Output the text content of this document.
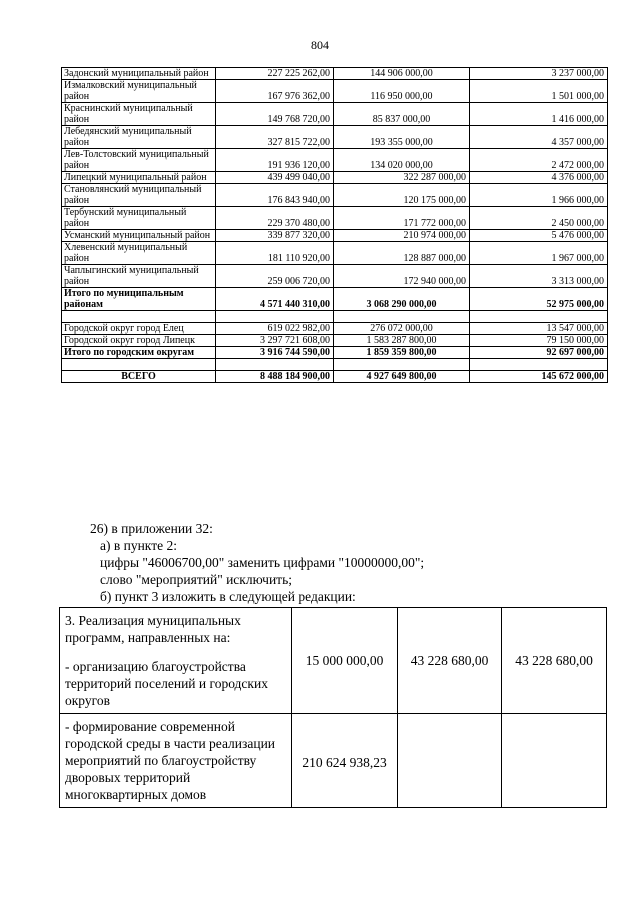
804
Задонский муниципальный район	227 225 262,00	144 906 000,00	3 237 000,00
Измалковский муниципальный район	167 976 362,00	116 950 000,00	1 501 000,00
Краснинский муниципальный район	149 768 720,00	85 837 000,00	1 416 000,00
Лебедянский муниципальный район	327 815 722,00	193 355 000,00	4 357 000,00
Лев-Толстовский муниципальный район	191 936 120,00	134 020 000,00	2 472 000,00
Липецкий муниципальный район	439 499 040,00	322 287 000,00	4 376 000,00
Становлянский муниципальный район	176 843 940,00	120 175 000,00	1 966 000,00
Тербунский муниципальный район	229 370 480,00	171 772 000,00	2 450 000,00
Усманский муниципальный район	339 877 320,00	210 974 000,00	5 476 000,00
Хлевенский муниципальный район	181 110 920,00	128 887 000,00	1 967 000,00
Чаплыгинский муниципальный район	259 006 720,00	172 940 000,00	3 313 000,00
Итого по муниципальным районам	4 571 440 310,00	3 068 290 000,00	52 975 000,00

Городской округ город Елец	619 022 982,00	276 072 000,00	13 547 000,00
Городской округ город Липецк	3 297 721 608,00	1 583 287 800,00	79 150 000,00
Итого по городским округам	3 916 744 590,00	1 859 359 800,00	92 697 000,00

ВСЕГО	8 488 184 900,00	4 927 649 800,00	145 672 000,00
26) в приложении 32:
а) в пункте 2:
цифры "46006700,00" заменить цифрами "10000000,00";
слово "мероприятий" исключить;
б) пункт 3 изложить в следующей редакции:
3. Реализация муниципальных программ, направленных на:
- организацию благоустройства территорий поселений и городских округов	15 000 000,00	43 228 680,00	43 228 680,00
- формирование современной городской среды в части реализации мероприятий по благоустройству дворовых территорий многоквартирных домов	210 624 938,23		
